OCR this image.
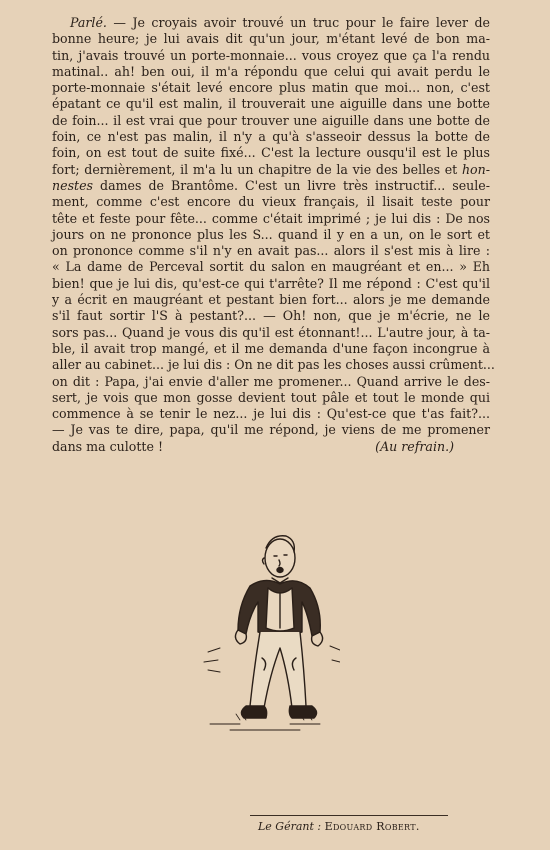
Parlé. — Je croyais avoir trouvé un truc pour le faire lever de
bonne heure; je lui avais dit qu'un jour, m'étant levé de bon ma-
tin, j'avais trouvé un porte-monnaie... vous croyez que ça l'a rendu
matinal.. ah! ben oui, il m'a répondu que celui qui avait perdu le
porte-monnaie s'était levé encore plus matin que moi... non, c'est
épatant ce qu'il est malin, il trouverait une aiguille dans une botte
de foin... il est vrai que pour trouver une aiguille dans une botte de
foin, ce n'est pas malin, il n'y a qu'à s'asseoir dessus la botte de
foin, on est tout de suite fixé... C'est la lecture ousqu'il est le plus
fort; dernièrement, il m'a lu un chapitre de la vie des belles et hon-
nestes dames de Brantôme. C'est un livre très instructif... seule-
ment, comme c'est encore du vieux français, il lisait teste pour
tête et feste pour fête... comme c'était imprimé ; je lui dis : De nos
jours on ne prononce plus les S... quand il y en a un, on le sort et
on prononce comme s'il n'y en avait pas... alors il s'est mis à lire :
« La dame de Perceval sortit du salon en maugréant et en... » Eh
bien! que je lui dis, qu'est-ce qui t'arrête? Il me répond : C'est qu'il
y a écrit en maugréant et pestant bien fort... alors je me demande
s'il faut sortir l'S à pestant?... — Oh! non, que je m'écrie, ne le
sors pas... Quand je vous dis qu'il est étonnant!... L'autre jour, à ta-
ble, il avait trop mangé, et il me demanda d'une façon incongrue à
aller au cabinet... je lui dis : On ne dit pas les choses aussi crûment...
on dit : Papa, j'ai envie d'aller me promener... Quand arrive le des-
sert, je vois que mon gosse devient tout pâle et tout le monde qui
commence à se tenir le nez... je lui dis : Qu'est-ce que t'as fait?...
— Je vas te dire, papa, qu'il me répond, je viens de me promener
dans ma culotte !	(Au refrain.)
Le Gérant : Edouard Robert.
